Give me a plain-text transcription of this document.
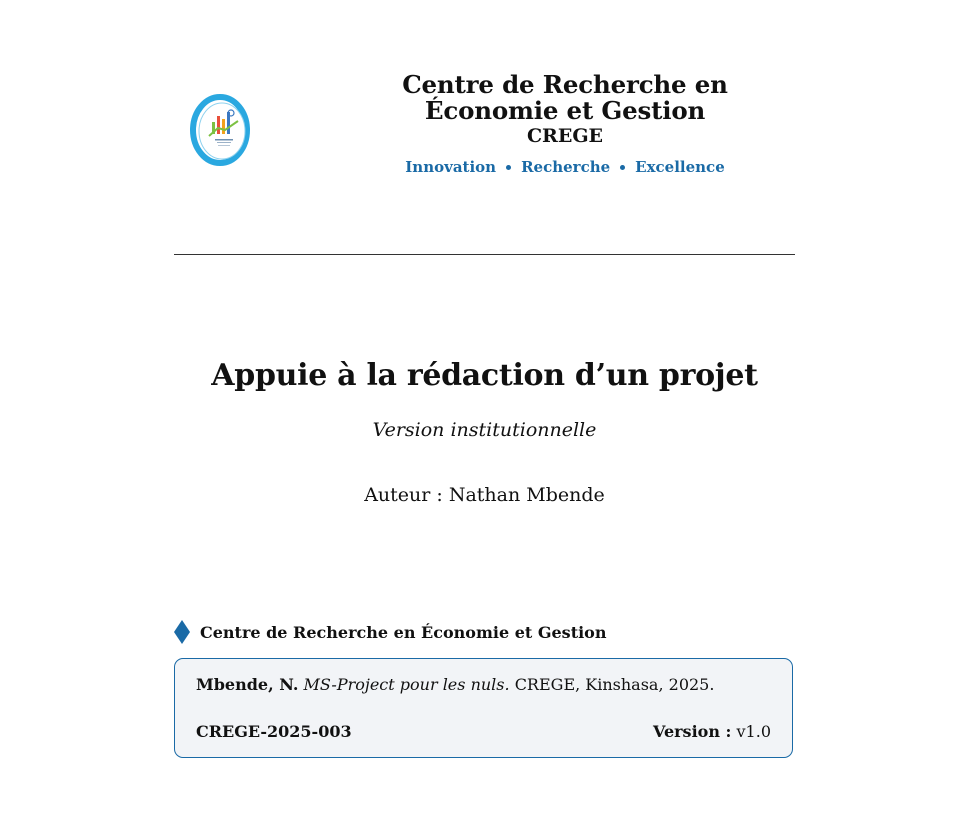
Centre de Recherche en

Économie et Gestion

CREGE

Innovation Recherche Excellence
Appuie à la rédaction d’un projet

Version institutionnelle

Auteur : Nathan Mbende

Centre de Recherche en Économie et Gestion
Mbende, N. MS-Project pour les nuls. CREGE, Kinshasa, 2025.
CREGE-2025-003	Version : v1.0
